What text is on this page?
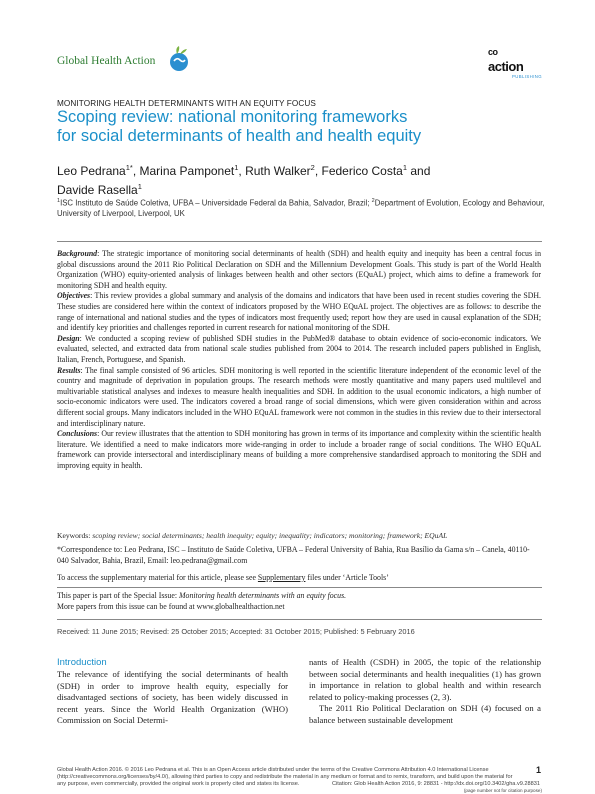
Global Health Action
$^{co}$
action
PUBLISHING
MONITORING HEALTH DETERMINANTS WITH AN EQUITY FOCUS
Scoping review: national monitoring frameworks
for social determinants of health and health equity
Leo Pedrana$^{1*}$, Marina Pamponet$^1$, Ruth Walker$^2$, Federico Costa$^1$ and
Davide Rasella$^1$
$^1$ISC Instituto de Saúde Coletiva, UFBA – Universidade Federal da Bahia, Salvador, Brazil; $^2$Department of Evolution, Ecology and Behaviour, University of Liverpool, Liverpool, UK

Background: The strategic importance of monitoring social determinants of health (SDH) and health equity and inequity has been a central focus in global discussions around the 2011 Rio Political Declaration on SDH and the Millennium Development Goals. This study is part of the World Health Organization (WHO) equity-oriented analysis of linkages between health and other sectors (EQuAL) project, which aims to define a framework for monitoring SDH and health equity.

Objectives: This review provides a global summary and analysis of the domains and indicators that have been used in recent studies covering the SDH. These studies are considered here within the context of indicators proposed by the WHO EQuAL project. The objectives are as follows: to describe the range of international and national studies and the types of indicators most frequently used; report how they are used in causal explanation of the SDH; and identify key priorities and challenges reported in current research for national monitoring of the SDH.

Design: We conducted a scoping review of published SDH studies in the PubMed® database to obtain evidence of socio-economic indicators. We evaluated, selected, and extracted data from national scale studies published from 2004 to 2014. The research included papers published in English, Italian, French, Portuguese, and Spanish.

Results: The final sample consisted of 96 articles. SDH monitoring is well reported in the scientific literature independent of the economic level of the country and magnitude of deprivation in population groups. The research methods were mostly quantitative and many papers used multilevel and multivariable statistical analyses and indexes to measure health inequalities and SDH. In addition to the usual economic indicators, a high number of socio-economic indicators were used. The indicators covered a broad range of social dimensions, which were given consideration within and across different social groups. Many indicators included in the WHO EQuAL framework were not common in the studies in this review due to their intersectoral and interdisciplinary nature.

Conclusions: Our review illustrates that the attention to SDH monitoring has grown in terms of its importance and complexity within the scientific health literature. We identified a need to make indicators more wide-ranging in order to include a broader range of social conditions. The WHO EQuAL framework can provide intersectoral and interdisciplinary means of building a more comprehensive standardised approach to monitoring the SDH and improving equity in health.

Keywords: scoping review; social determinants; health inequity; equity; inequality; indicators; monitoring; framework; EQuAL
*Correspondence to: Leo Pedrana, ISC – Instituto de Saúde Coletiva, UFBA – Federal University of Bahia, Rua Basílio da Gama s/n – Canela, 40110-040 Salvador, Bahia, Brazil, Email: leo.pedrana@gmail.com
To access the supplementary material for this article, please see Supplementary files under ‘Article Tools’
This paper is part of the Special Issue: Monitoring health determinants with an equity focus.
More papers from this issue can be found at www.globalhealthaction.net
Received: 11 June 2015; Revised: 25 October 2015; Accepted: 31 October 2015; Published: 5 February 2016
Introduction

The relevance of identifying the social determinants of health (SDH) in order to improve health equity, especially for disadvantaged sections of society, has been widely discussed in recent years. Since the World Health Organization (WHO) Commission on Social Determi-

nants of Health (CSDH) in 2005, the topic of the relationship between social determinants and health inequalities (1) has grown in importance in relation to global health and within research related to policy-making processes (2, 3).

The 2011 Rio Political Declaration on SDH (4) focused on a balance between sustainable development

Global Health Action 2016. © 2016 Leo Pedrana et al. This is an Open Access article distributed under the terms of the Creative Commons Attribution 4.0 International License (http://creativecommons.org/licenses/by/4.0/), allowing third parties to copy and redistribute the material in any medium or format and to remix, transform, and build upon the material for any purpose, even commercially, provided the original work is properly cited and states its license.
1
Citation: Glob Health Action 2016, 9: 28831 - http://dx.doi.org/10.3402/gha.v9.28831
(page number not for citation purpose)
